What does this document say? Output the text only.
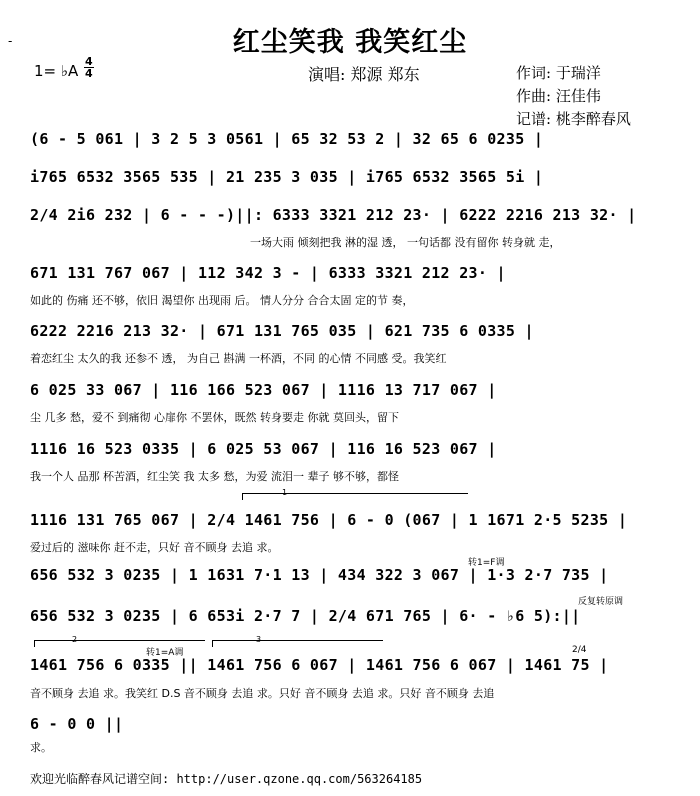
红尘笑我 我笑红尘
-
1= ♭A
4
4	演唱: 郑源 郑东	作词: 于瑞洋
作曲: 汪佳伟
记谱: 桃李醉春风
(6 - 5 061 | 3 2 5 3 0561 | 65 32 53 2 | 32 65 6 0235 |
i765 6532 3565 535 | 21 235 3 035 | i765 6532 3565 5i |
2/4 2i6 232 | 6 - - -)||: 6333 3321 212 23· | 6222 2216 213 32· |
一场大雨 倾刻把我 淋的湿 透， 一句话都 没有留你 转身就 走，
671 131 767 067 | 112 342 3 - | 6333 3321 212 23· |
如此的 伤痛 还不够，依旧 渴望你 出现雨 后。 情人分分 合合太固 定的节 奏，
6222 2216 213 32· | 671 131 765 035 | 621 735 6 0335 |
着恋红尘 太久的我 还参不 透， 为自己 斟满 一杯酒，不同 的心情 不同感 受。我笑红
6 025 33 067 | 116 166 523 067 | 1116 13 717 067 |
尘 几多 愁，爱不 到痛彻 心扉你 不罢休，既然 转身要走 你就 莫回头，留下
1116 16 523 0335 | 6 025 53 067 | 116 16 523 067 |
我一个人 品那 杯苦酒，红尘笑 我 太多 愁，为爱 流泪一 辈子 够不够，都怪
1
1116 131 765 067 | 2/4 1461 756 | 6 - 0 (067 | 1 1671 2·5 5235 |
爱过后的 滋味你 赶不走，只好 音不顾身 去追 求。
转1=F调
656 532 3 0235 | 1 1631 7·1 13 | 434 322 3 067 | 1·3 2·7 735 |
反复转原调
656 532 3 0235 | 6 653i 2·7 7 | 2/4 671 765 | 6· - ♭6 5):||
2	3
转1=A调	2/4
1461 756 6 0335 || 1461 756 6 067 | 1461 756 6 067 | 1461 75 |
音不顾身 去追 求。我笑红 D.S 音不顾身 去追 求。只好 音不顾身 去追 求。只好 音不顾身 去追
6 - 0 0 ||
求。
欢迎光临醉春风记谱空间: http://user.qzone.qq.com/563264185
